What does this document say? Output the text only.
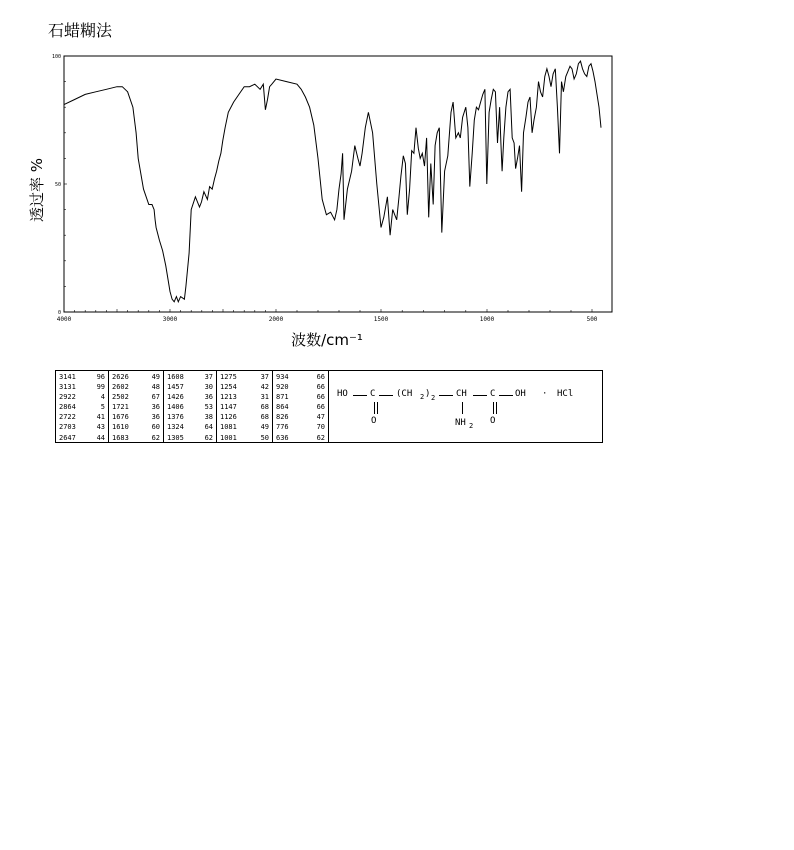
石蜡糊法
4000	3000	2000	1500	1000	500
0
50
100
波数/cm⁻¹
透过率 %
3141	96
3131	99
2922	4
2864	5
2722	41
2703	43
2647	44
2626	49
2602	48
2502	67
1721	36
1676	36
1610	60
1683	62
1608	37
1457	30
1426	36
1406	53
1376	38
1324	64
1305	62
1275	37
1254	42
1213	31
1147	68
1126	68
1081	49
1001	50
934	66
920	66
871	66
864	66
826	47
776	70
636	62
HO C
O
(CH 2 ) 2 CH
NH 2
C
O
OH · HCl
